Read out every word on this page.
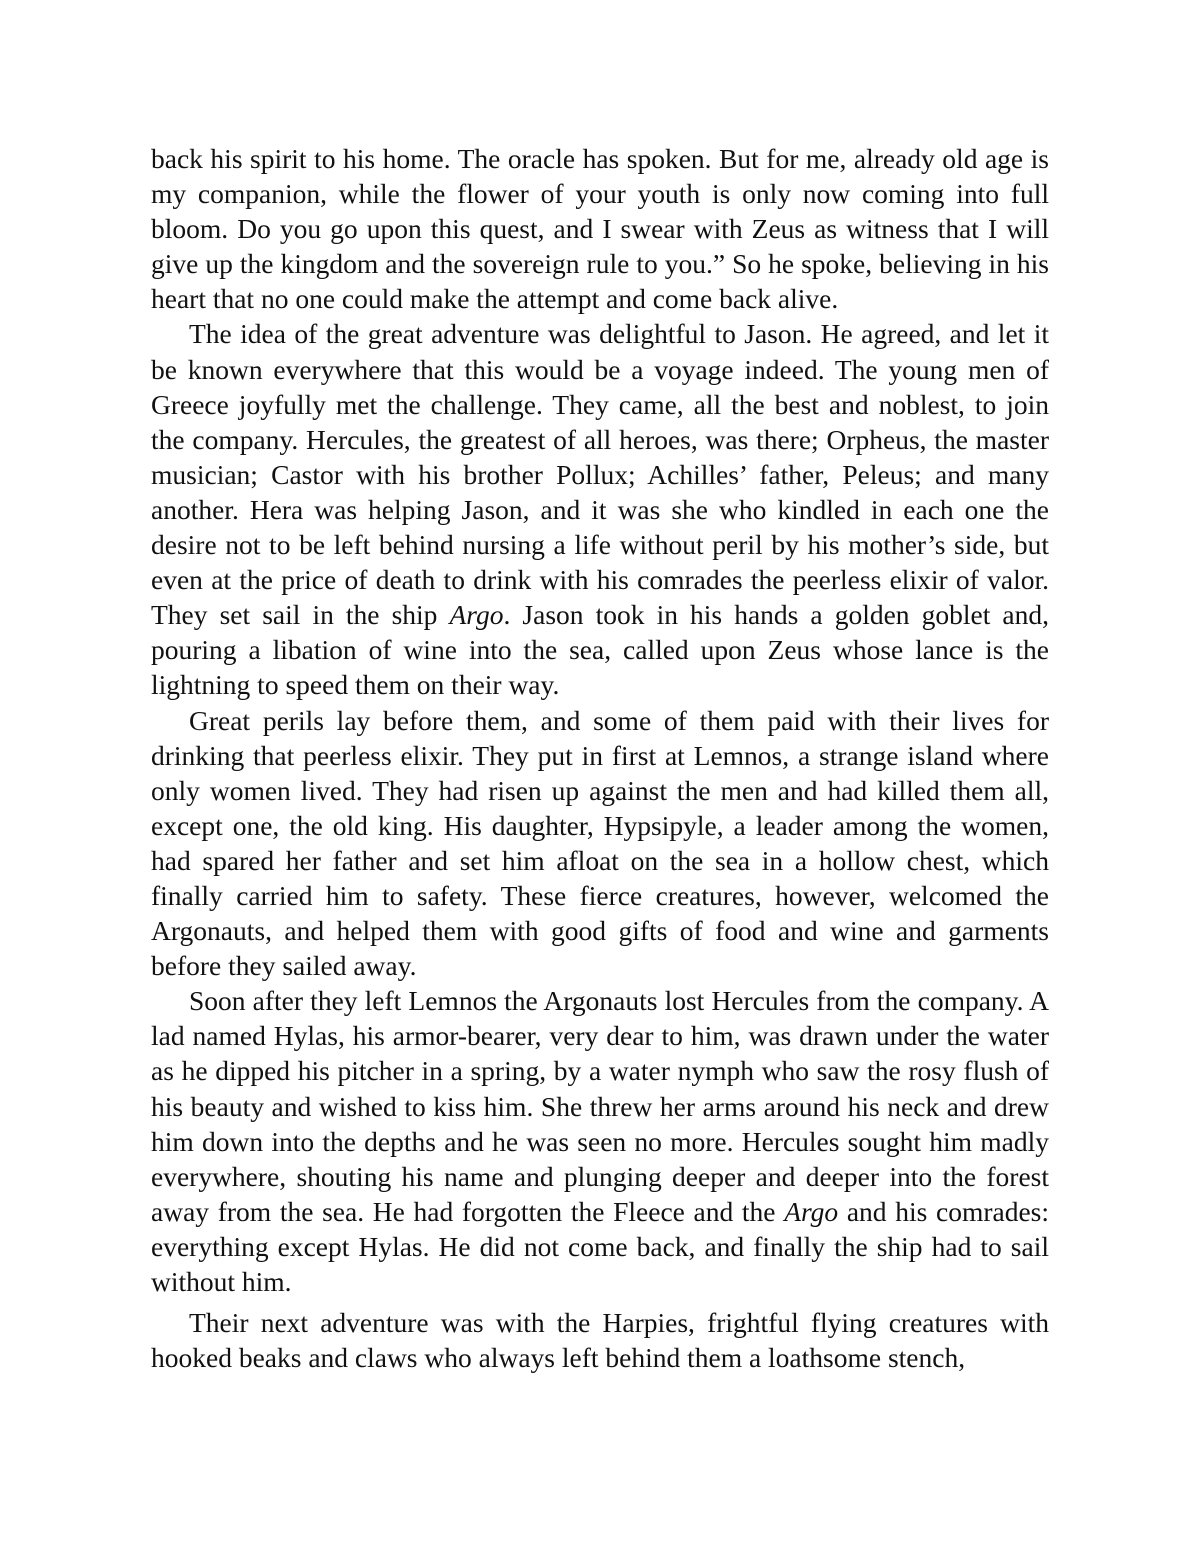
back his spirit to his home. The oracle has spoken. But for me, already old age is my companion, while the flower of your youth is only now coming into full bloom. Do you go upon this quest, and I swear with Zeus as witness that I will give up the kingdom and the sovereign rule to you.” So he spoke, believing in his heart that no one could make the attempt and come back alive.

The idea of the great adventure was delightful to Jason. He agreed, and let it be known everywhere that this would be a voyage indeed. The young men of Greece joyfully met the challenge. They came, all the best and noblest, to join the company. Hercules, the greatest of all heroes, was there; Orpheus, the master musician; Castor with his brother Pollux; Achilles’ father, Peleus; and many another. Hera was helping Jason, and it was she who kindled in each one the desire not to be left behind nursing a life without peril by his mother’s side, but even at the price of death to drink with his comrades the peerless elixir of valor. They set sail in the ship Argo. Jason took in his hands a golden goblet and, pouring a libation of wine into the sea, called upon Zeus whose lance is the lightning to speed them on their way.

Great perils lay before them, and some of them paid with their lives for drinking that peerless elixir. They put in first at Lemnos, a strange island where only women lived. They had risen up against the men and had killed them all, except one, the old king. His daughter, Hypsipyle, a leader among the women, had spared her father and set him afloat on the sea in a hollow chest, which finally carried him to safety. These fierce creatures, however, welcomed the Argonauts, and helped them with good gifts of food and wine and garments before they sailed away.

Soon after they left Lemnos the Argonauts lost Hercules from the company. A lad named Hylas, his armor-bearer, very dear to him, was drawn under the water as he dipped his pitcher in a spring, by a water nymph who saw the rosy flush of his beauty and wished to kiss him. She threw her arms around his neck and drew him down into the depths and he was seen no more. Hercules sought him madly everywhere, shouting his name and plunging deeper and deeper into the forest away from the sea. He had forgotten the Fleece and the Argo and his comrades: everything except Hylas. He did not come back, and finally the ship had to sail without him.

Their next adventure was with the Harpies, frightful flying creatures with hooked beaks and claws who always left behind them a loathsome stench,
